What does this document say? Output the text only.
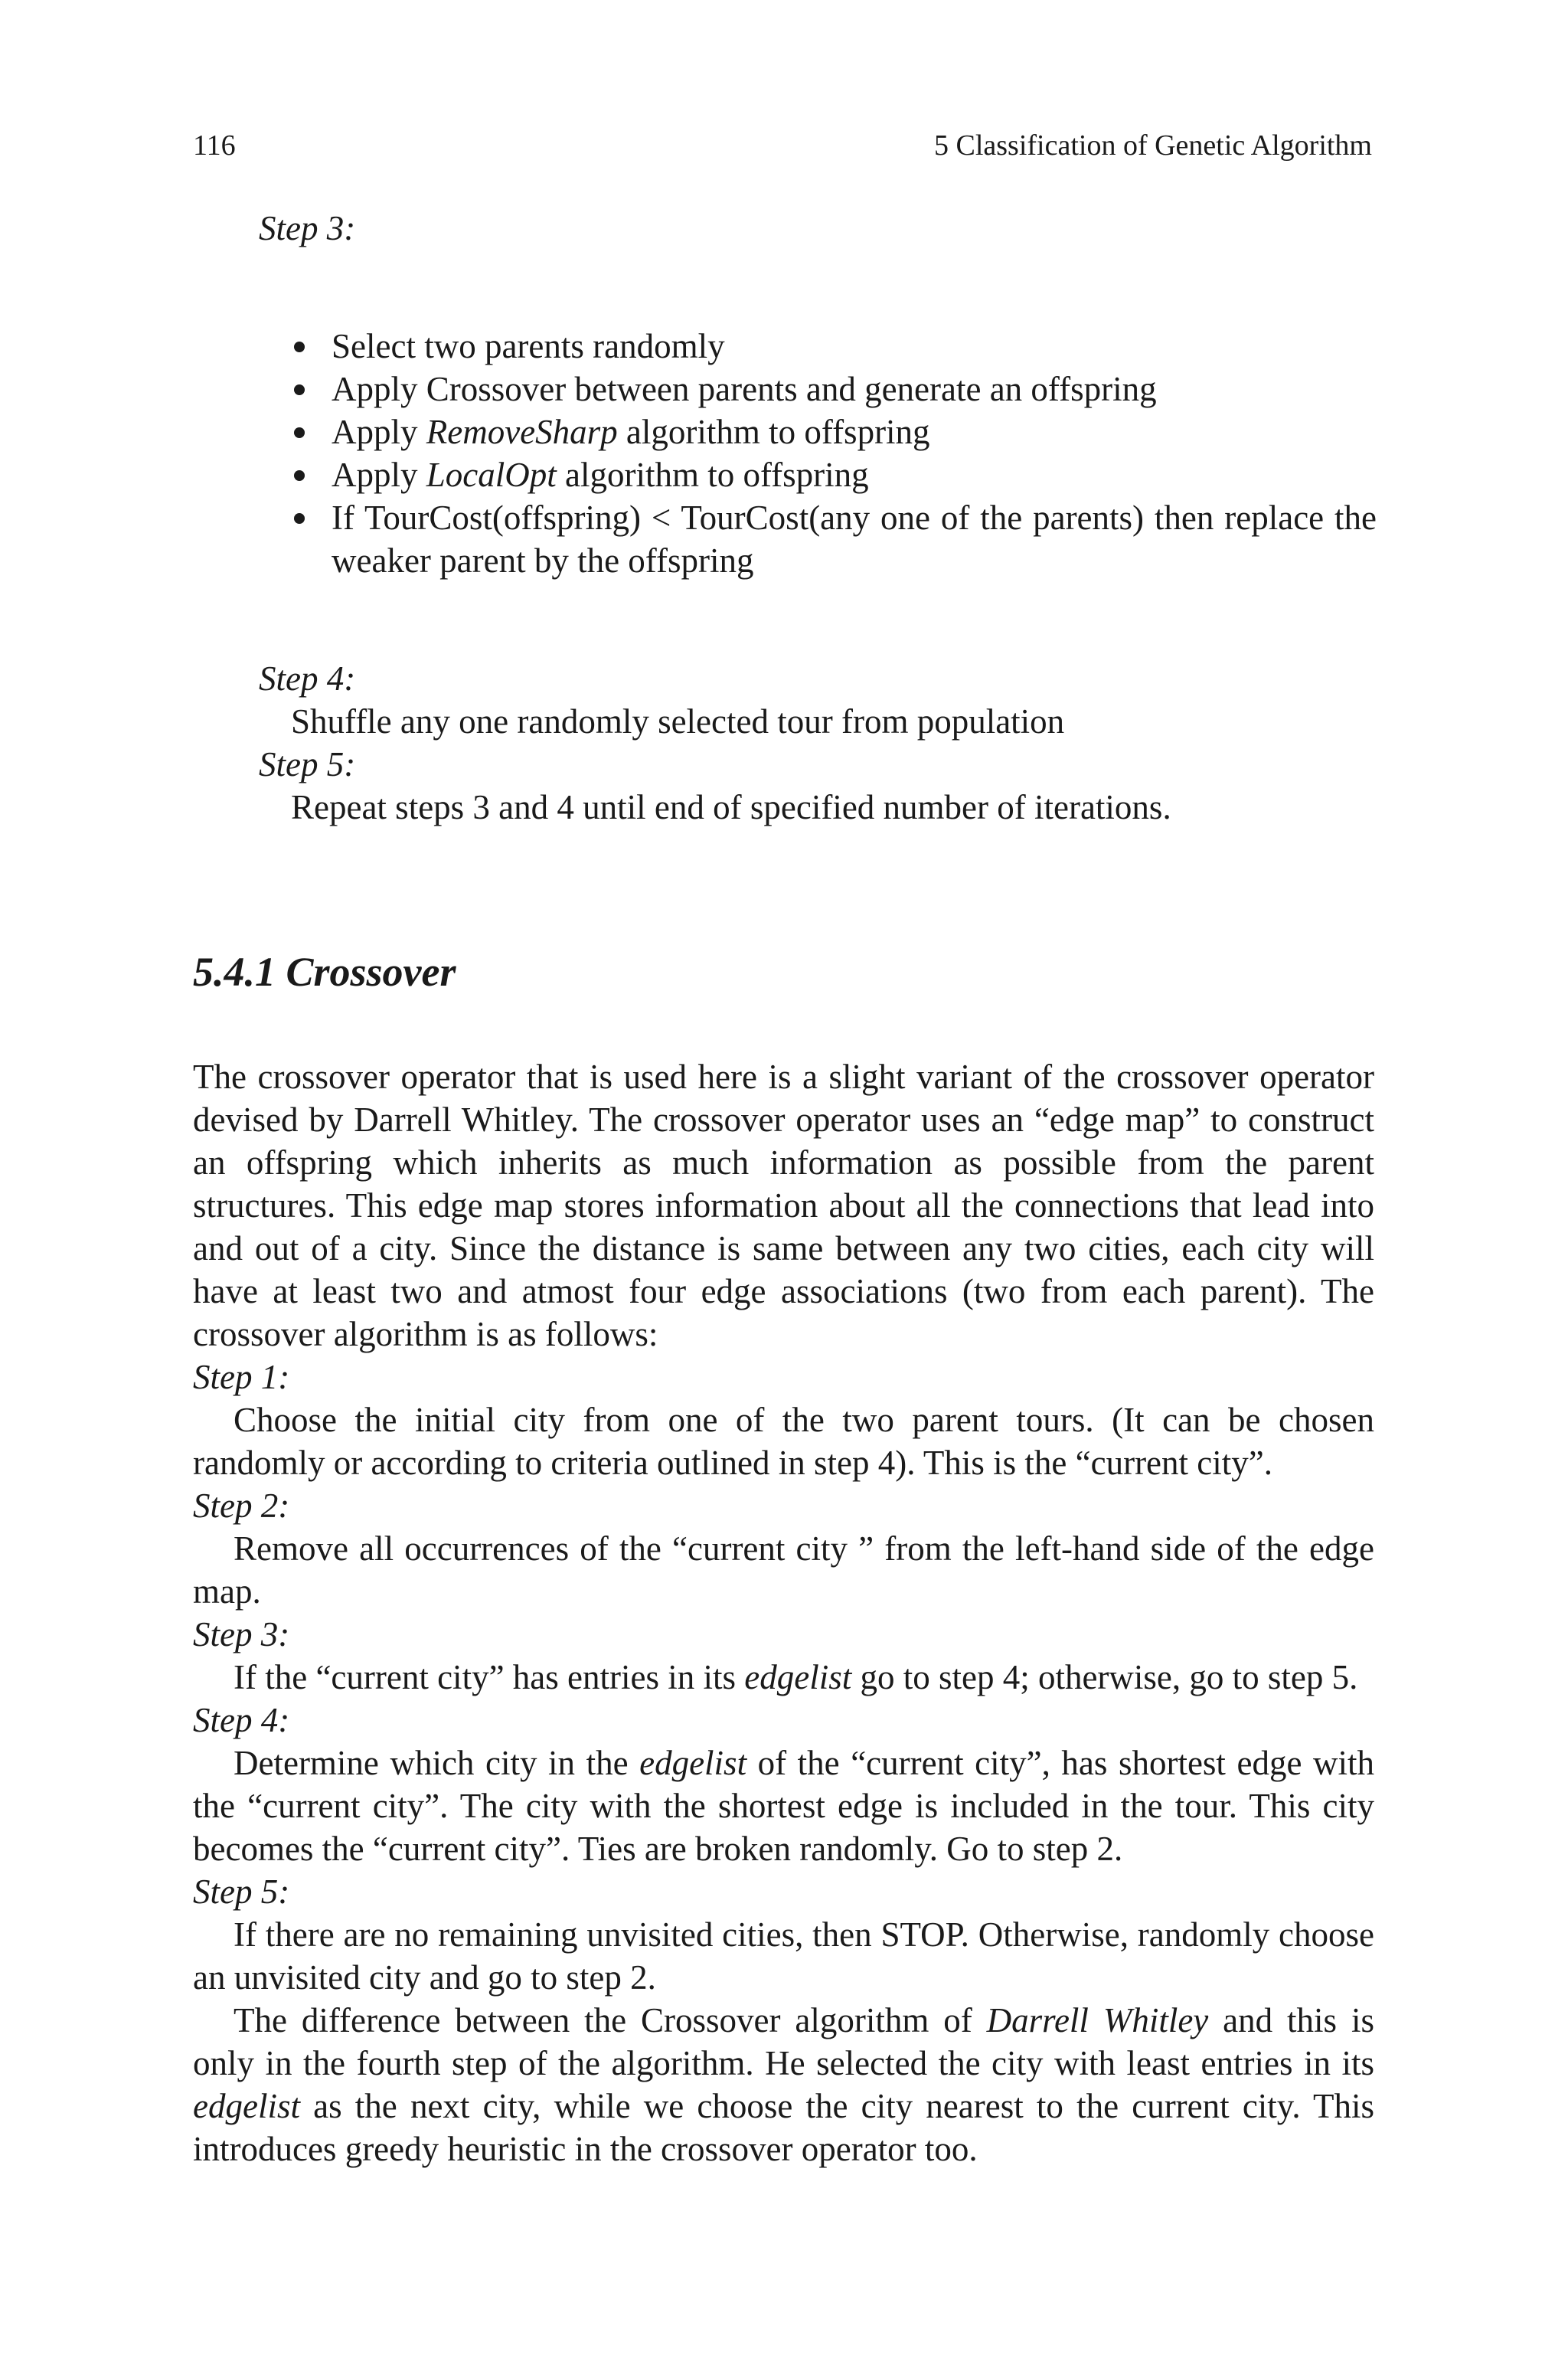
116	5 Classification of Genetic Algorithm
Step 3:
Select two parents randomly
Apply Crossover between parents and generate an offspring
Apply RemoveSharp algorithm to offspring
Apply LocalOpt algorithm to offspring
If TourCost(offspring) < TourCost(any one of the parents) then replace the weaker parent by the offspring
Step 4:
Shuffle any one randomly selected tour from population
Step 5:
Repeat steps 3 and 4 until end of specified number of iterations.
5.4.1 Crossover

The crossover operator that is used here is a slight variant of the crossover operator devised by Darrell Whitley. The crossover operator uses an “edge map” to construct an offspring which inherits as much information as possible from the parent structures. This edge map stores information about all the connections that lead into and out of a city. Since the distance is same between any two cities, each city will have at least two and atmost four edge associations (two from each parent). The crossover algorithm is as follows:

Step 1:

Choose the initial city from one of the two parent tours. (It can be chosen randomly or according to criteria outlined in step 4). This is the “current city”.

Step 2:

Remove all occurrences of the “current city ” from the left-hand side of the edge map.

Step 3:

If the “current city” has entries in its edgelist go to step 4; otherwise, go to step 5.

Step 4:

Determine which city in the edgelist of the “current city”, has shortest edge with the “current city”. The city with the shortest edge is included in the tour. This city becomes the “current city”. Ties are broken randomly. Go to step 2.

Step 5:

If there are no remaining unvisited cities, then STOP. Otherwise, randomly choose an unvisited city and go to step 2.

The difference between the Crossover algorithm of Darrell Whitley and this is only in the fourth step of the algorithm. He selected the city with least entries in its edgelist as the next city, while we choose the city nearest to the current city. This introduces greedy heuristic in the crossover operator too.
